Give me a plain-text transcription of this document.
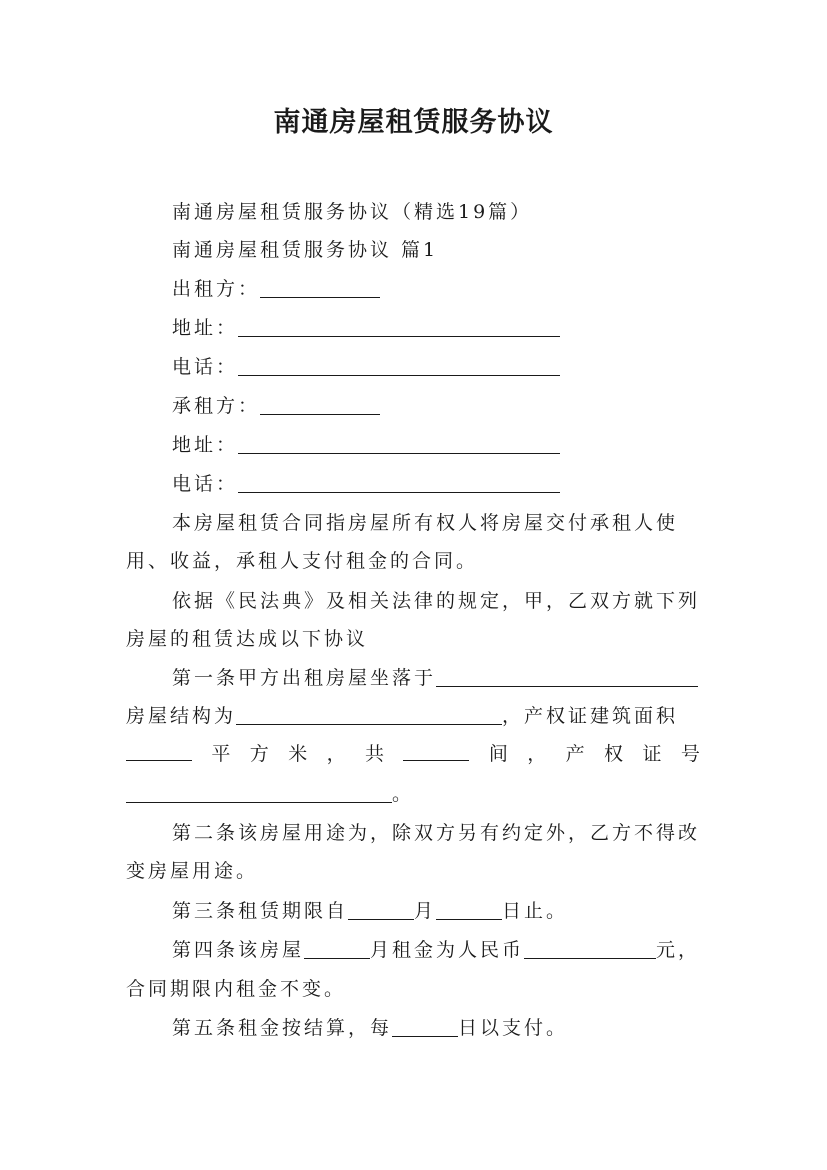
南通房屋租赁服务协议
南通房屋租赁服务协议（精选19篇）
南通房屋租赁服务协议 篇1
出租方：
地址：
电话：
承租方：
地址：
电话：
本房屋租赁合同指房屋所有权人将房屋交付承租人使
用、收益，承租人支付租金的合同。
依据《民法典》及相关法律的规定，甲，乙双方就下列
房屋的租赁达成以下协议
第一条甲方出租房屋坐落于
房屋结构为	，产权证建筑面积
平 方 米 ， 共	间 ， 产 权 证 号
。
第二条该房屋用途为，除双方另有约定外，乙方不得改
变房屋用途。
第三条租赁期限自	月	日止。
第四条该房屋	月租金为人民币	元，
合同期限内租金不变。
第五条租金按结算，每	日以支付。
